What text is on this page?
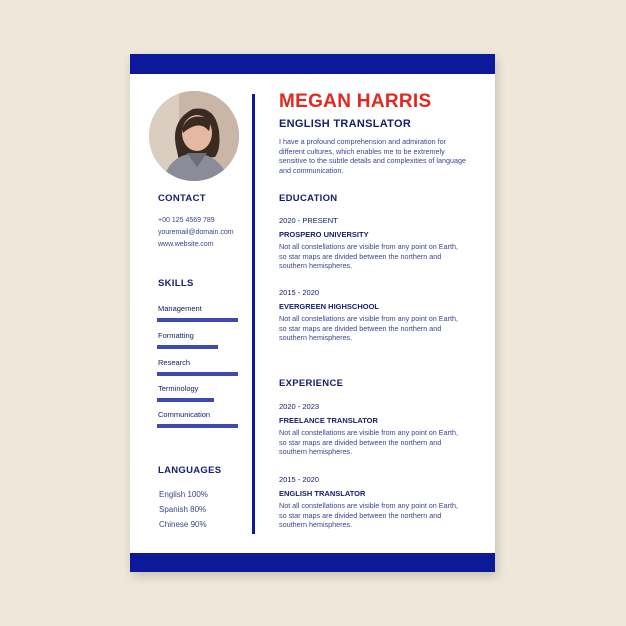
CONTACT
+00 125 4569 789
youremail@domain.com
www.website.com
SKILLS
Management
Formatting
Research
Terminology
Communication
LANGUAGES
English 100%
Spanish 80%
Chinese 90%
MEGAN HARRIS
ENGLISH TRANSLATOR
I have a profound comprehension and admiration for different cultures, which enables me to be extremely sensitive to the subtle details and complexities of language and communication.
EDUCATION
2020 - PRESENT
PROSPERO UNIVERSITY
Not all constellations are visible from any point on Earth, so star maps are divided between the northern and southern hemispheres.
2015 - 2020
EVERGREEN HIGHSCHOOL
Not all constellations are visible from any point on Earth, so star maps are divided between the northern and southern hemispheres.
EXPERIENCE
2020 - 2023
FREELANCE TRANSLATOR
Not all constellations are visible from any point on Earth, so star maps are divided between the northern and southern hemispheres.
2015 - 2020
ENGLISH TRANSLATOR
Not all constellations are visible from any point on Earth, so star maps are divided between the northern and southern hemispheres.
